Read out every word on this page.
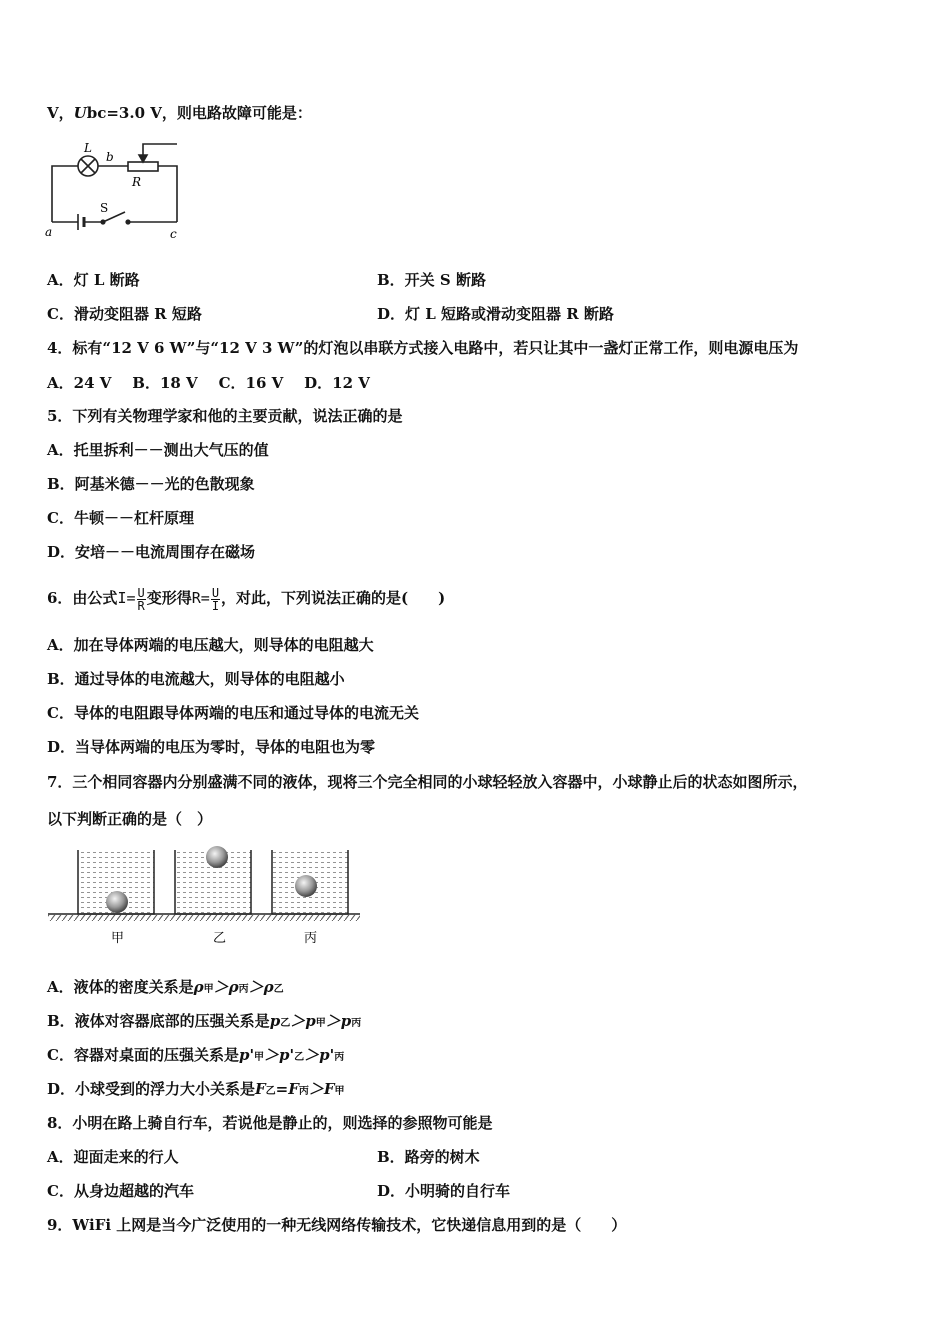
V，Ubc=3.0 V，则电路故障可能是：
L
b
R
S
a	c
A．灯 L 断路	B．开关 S 断路
C．滑动变阻器 R 短路	D．灯 L 短路或滑动变阻器 R 断路
4．标有“12 V 6 W”与“12 V 3 W”的灯泡以串联方式接入电路中，若只让其中一盏灯正常工作，则电源电压为
A．24 V    B．18 V    C．16 V    D．12 V
5．下列有关物理学家和他的主要贡献，说法正确的是
A．托里拆利－－测出大气压的值
B．阿基米德－－光的色散现象
C．牛顿－－杠杆原理
D．安培－－电流周围存在磁场
6．由公式$I= \frac{U}{R}$ 变形得$R= \frac{U}{I}$ ，对此，下列说法正确的是(　　)
A．加在导体两端的电压越大，则导体的电阻越大
B．通过导体的电流越大，则导体的电阻越小
C．导体的电阻跟导体两端的电压和通过导体的电流无关
D．当导体两端的电压为零时，导体的电阻也为零
7．三个相同容器内分别盛满不同的液体，现将三个完全相同的小球轻轻放入容器中，小球静止后的状态如图所示，
以下判断正确的是（　）
甲	乙	丙
A．液体的密度关系是ρ甲＞ρ丙＞ρ乙
B．液体对容器底部的压强关系是p乙＞p甲＞p丙
C．容器对桌面的压强关系是p'甲＞p'乙＞p'丙
D．小球受到的浮力大小关系是F乙=F丙＞F甲
8．小明在路上骑自行车，若说他是静止的，则选择的参照物可能是
A．迎面走来的行人	B．路旁的树木
C．从身边超越的汽车	D．小明骑的自行车
9．WiFi 上网是当今广泛使用的一种无线网络传输技术，它快递信息用到的是（　　）
